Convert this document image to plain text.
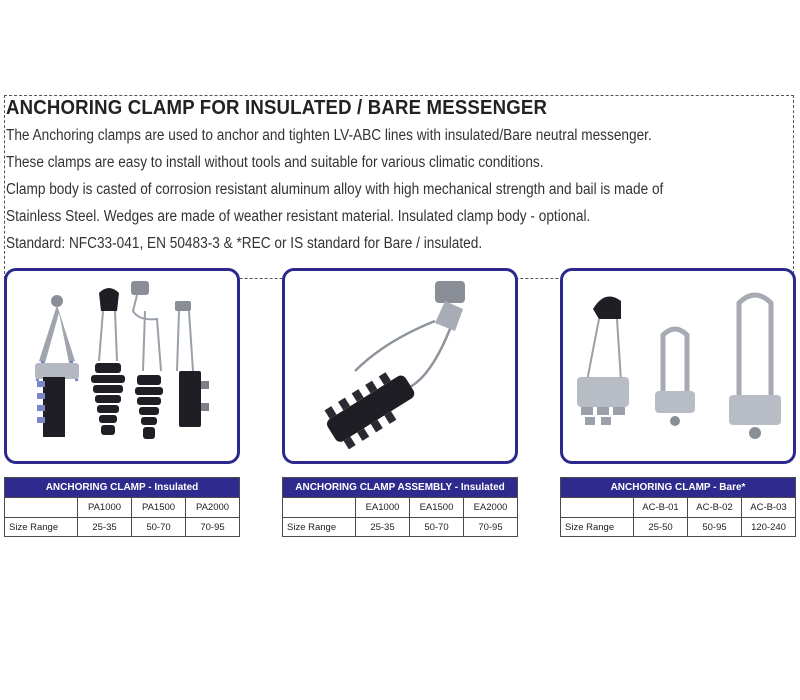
ANCHORING CLAMP FOR INSULATED / BARE MESSENGER
The Anchoring clamps are used to anchor and tighten LV-ABC lines with insulated/Bare neutral messenger.
These clamps are easy to install without tools and suitable for various climatic conditions.
Clamp body is casted of corrosion resistant aluminum alloy with high mechanical strength and bail is made of
Stainless Steel. Wedges are made of weather resistant material. Insulated clamp body - optional.
Standard: NFC33-041, EN 50483-3 & *REC or IS standard for Bare / insulated.
ANCHORING CLAMP - Insulated			
	PA1000	PA1500	PA2000
Size Range	25-35	50-70	70-95
ANCHORING CLAMP ASSEMBLY - Insulated			
	EA1000	EA1500	EA2000
Size Range	25-35	50-70	70-95
ANCHORING CLAMP - Bare*			
	AC-B-01	AC-B-02	AC-B-03
Size Range	25-50	50-95	120-240
